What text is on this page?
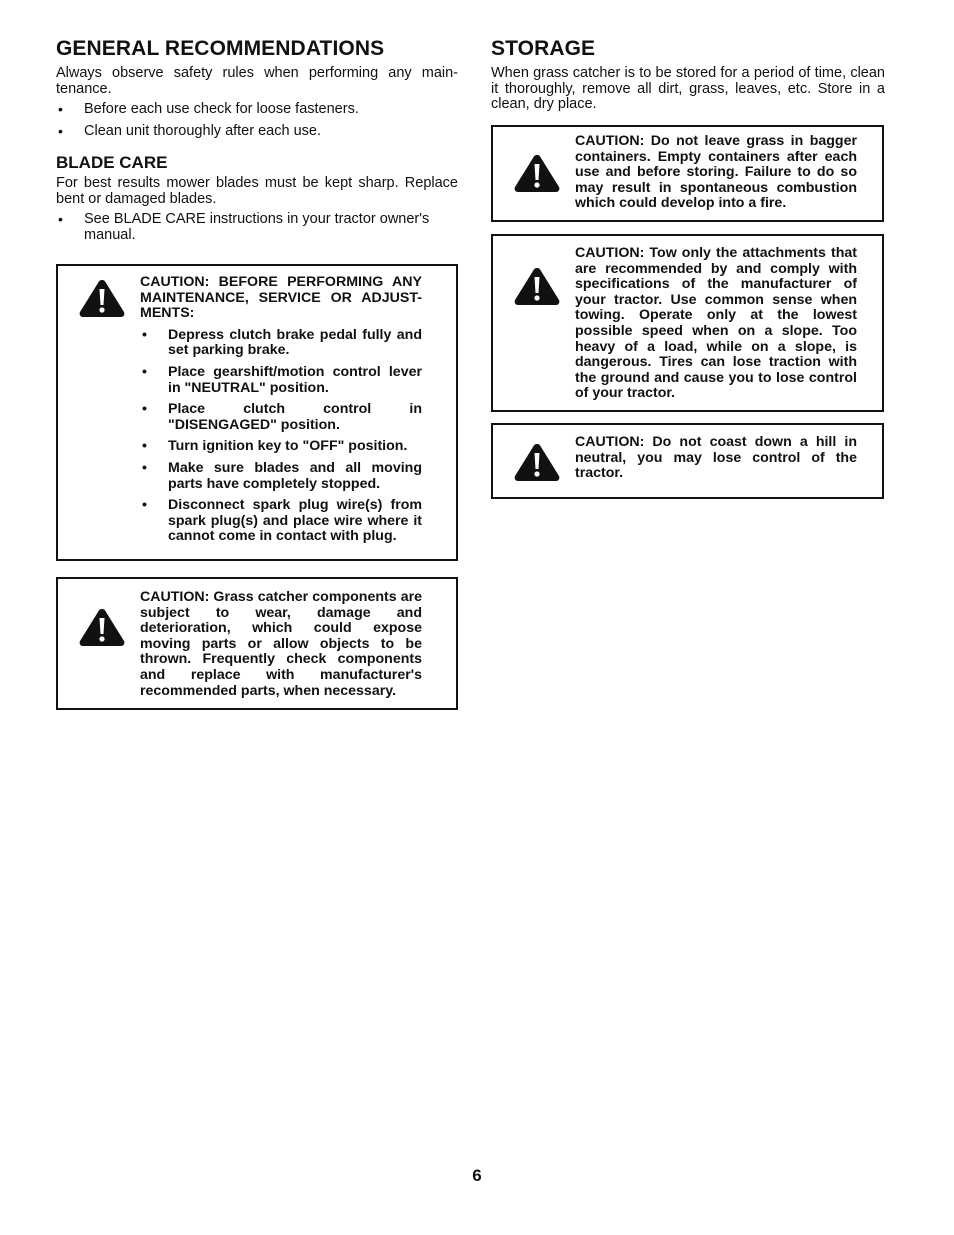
GENERAL RECOMMENDATIONS

Always observe safety rules when performing any main- tenance.

• Before each use check for loose fasteners.
• Clean unit thoroughly after each use.
BLADE CARE

For best results mower blades must be kept sharp. Replace bent or damaged blades.

• See BLADE CARE instructions in your tractor owner's manual.
CAUTION: BEFORE PERFORMING ANY MAINTENANCE, SERVICE OR ADJUST- MENTS:
• Depress clutch brake pedal fully and set parking brake.
• Place gearshift/motion control lever in "NEUTRAL" position.
• Place clutch control in "DISENGAGED" position.
• Turn ignition key to "OFF" position.
• Make sure blades and all moving parts have completely stopped.
• Disconnect spark plug wire(s) from spark plug(s) and place wire where it cannot come in contact with plug.
CAUTION: Grass catcher components are subject to wear, damage and deterioration, which could expose moving parts or allow objects to be thrown. Frequently check components and replace with manufacturer's recommended parts, when necessary.
STORAGE

When grass catcher is to be stored for a period of time, clean it thoroughly, remove all dirt, grass, leaves, etc. Store in a clean, dry place.

CAUTION: Do not leave grass in bagger containers. Empty containers after each use and before storing. Failure to do so may result in spontaneous combustion which could develop into a fire.
CAUTION: Tow only the attachments that are recommended by and comply with specifications of the manufacturer of your tractor. Use common sense when towing. Operate only at the lowest possible speed when on a slope. Too heavy of a load, while on a slope, is dangerous. Tires can lose traction with the ground and cause you to lose control of your tractor.
CAUTION: Do not coast down a hill in neutral, you may lose control of the tractor.
6
